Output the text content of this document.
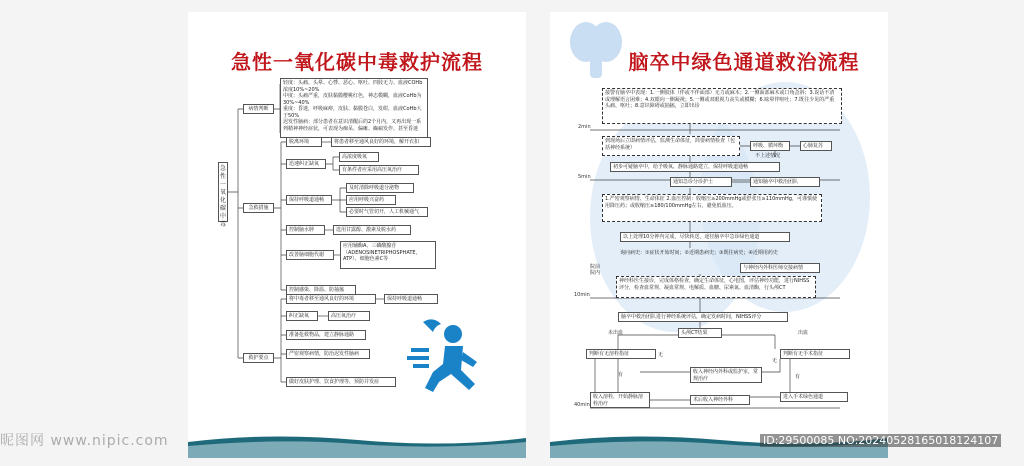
急性一氧化碳中毒救护流程
急性一氧化碳中毒
病情判断
轻度：头痛、头晕、心悸、恶心、呕吐、四肢无力、血液COHb浓度10%~20%
中度：头痛严重，皮肤黏膜樱桃红色，神志模糊，血液CoHb为30%~40%
重度：昏迷，呼吸麻痹，皮肤、黏膜苍白，发绀，血液CoHb大于50%
迟发性脑病：部分患者在意识清醒后的2个月内，又再出现一系列精神神经症状，可表现为痴呆、偏瘫、癫痫发作、甚至昏迷
急救措施
脱离环境	将患者移至通风良好的环境，解开衣扣
迅速纠正缺氧
高浓度吸氧
有条件者应采用高压氧治疗
保持呼吸道通畅
及时清除呼吸道分泌物
应用呼吸兴奋药
必要时气管切开，人工机械通气
控制脑水肿	选用甘露醇、激素及脱水药
改善脑细胞代谢
应用辅酶A、三磷酸腺苷（ADENOSINETRIPHOSPHATE，ATP）、细胞色素C等
控制感染、降温、防抽搐
救护要点
将中毒者移至通风良好的环境	保持呼吸道通畅
纠正缺氧	高压氧治疗
准备抢救物品，建立静脉通路
严密观察病情，防治迟发性脑病
做好皮肤护理、饮食护理等，预防并发症
脑卒中绿色通道救治流程
2min
5min
10min
40min
接警有脑卒中表现：1.一侧肢体（伴或不伴面部）无力或麻木；2.一侧面部麻木或口角歪斜；3.说话不清或理解语言困难；4.双眼向一侧凝视；5.一侧或双眼视力丧失或模糊；6.眩晕伴呕吐；7.既往少见的严重头痛、呕吐；8.意识障碍或抽搐，立即出诊
到现场后立即病情评估，监测生命体征，简要病情检查（包括神经系统）	呼吸、循环衡	心肺复苏
不上述情况
初步可疑脑卒中，给予吸氧、静脉通路建立，保持呼吸道通畅
通知急诊分诊护士	通知脑卒中救治团队
1.严密观察病情、生命体征 2.血压控制：收缩压≥200mmHg或舒张压≥110mmHg，可谨慎使用降压药；或收缩压≥180/100mmHg左右，避免低血压。
以上处理10分钟内完成，尽快转送，途径脑卒中急诊绿色通道
询问病史：①症状开始时间；②近期患病史；③既往病史；④近期用药史
与神经内外科医师交接病情
院前院内
神经科医生接诊，完成体格检查，确定生命体征，心电图，评估神经功能，进行NIHSS评分，检查血常规、凝血常规、电解质、血糖、尿素氮、血清酶，行头颅CT
脑卒中救治团队进行神经系统评估，确定发病时间，NIHSS评分
头颅CT结果
未出血	出血
判断有无溶栓指征	判断有无手术指征
无
有
无
有
收入溶栓，开始静脉溶栓治疗
收入神经内外科或监护室，常规治疗
术后收入神经外科	进入手术绿色通道
昵图网 www.nipic.com	ID:29500085 NO:20240528165018124107
